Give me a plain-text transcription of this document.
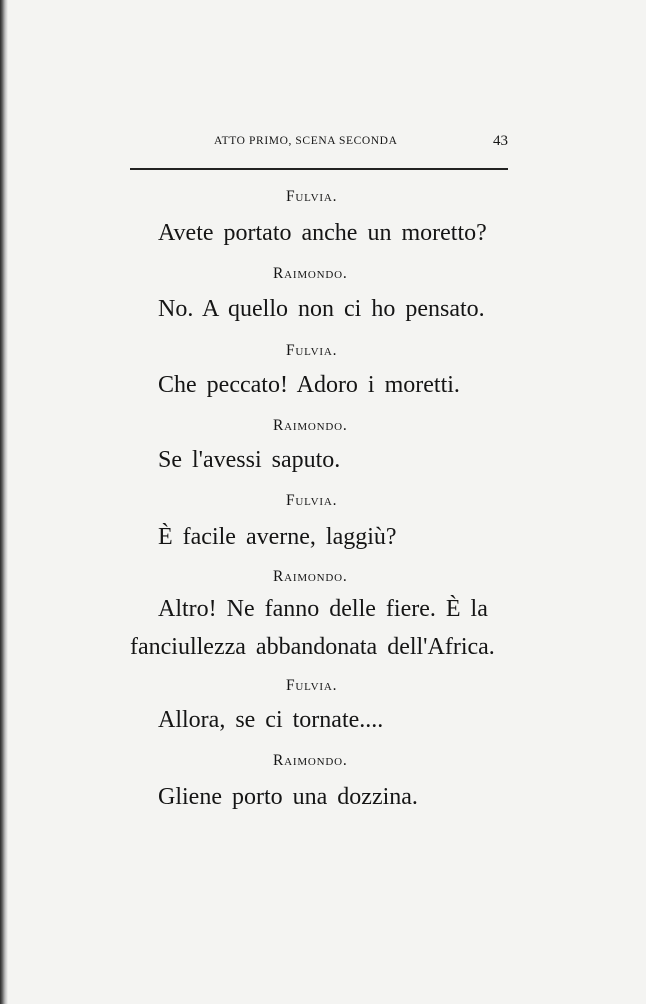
ATTO PRIMO, SCENA SECONDA	43
Fulvia.
Avete portato anche un moretto?
Raimondo.
No. A quello non ci ho pensato.
Fulvia.
Che peccato! Adoro i moretti.
Raimondo.
Se l'avessi saputo.
Fulvia.
È facile averne, laggiù?
Raimondo.
Altro! Ne fanno delle fiere. È la
fanciullezza abbandonata dell'Africa.
Fulvia.
Allora, se ci tornate....
Raimondo.
Gliene porto una dozzina.
